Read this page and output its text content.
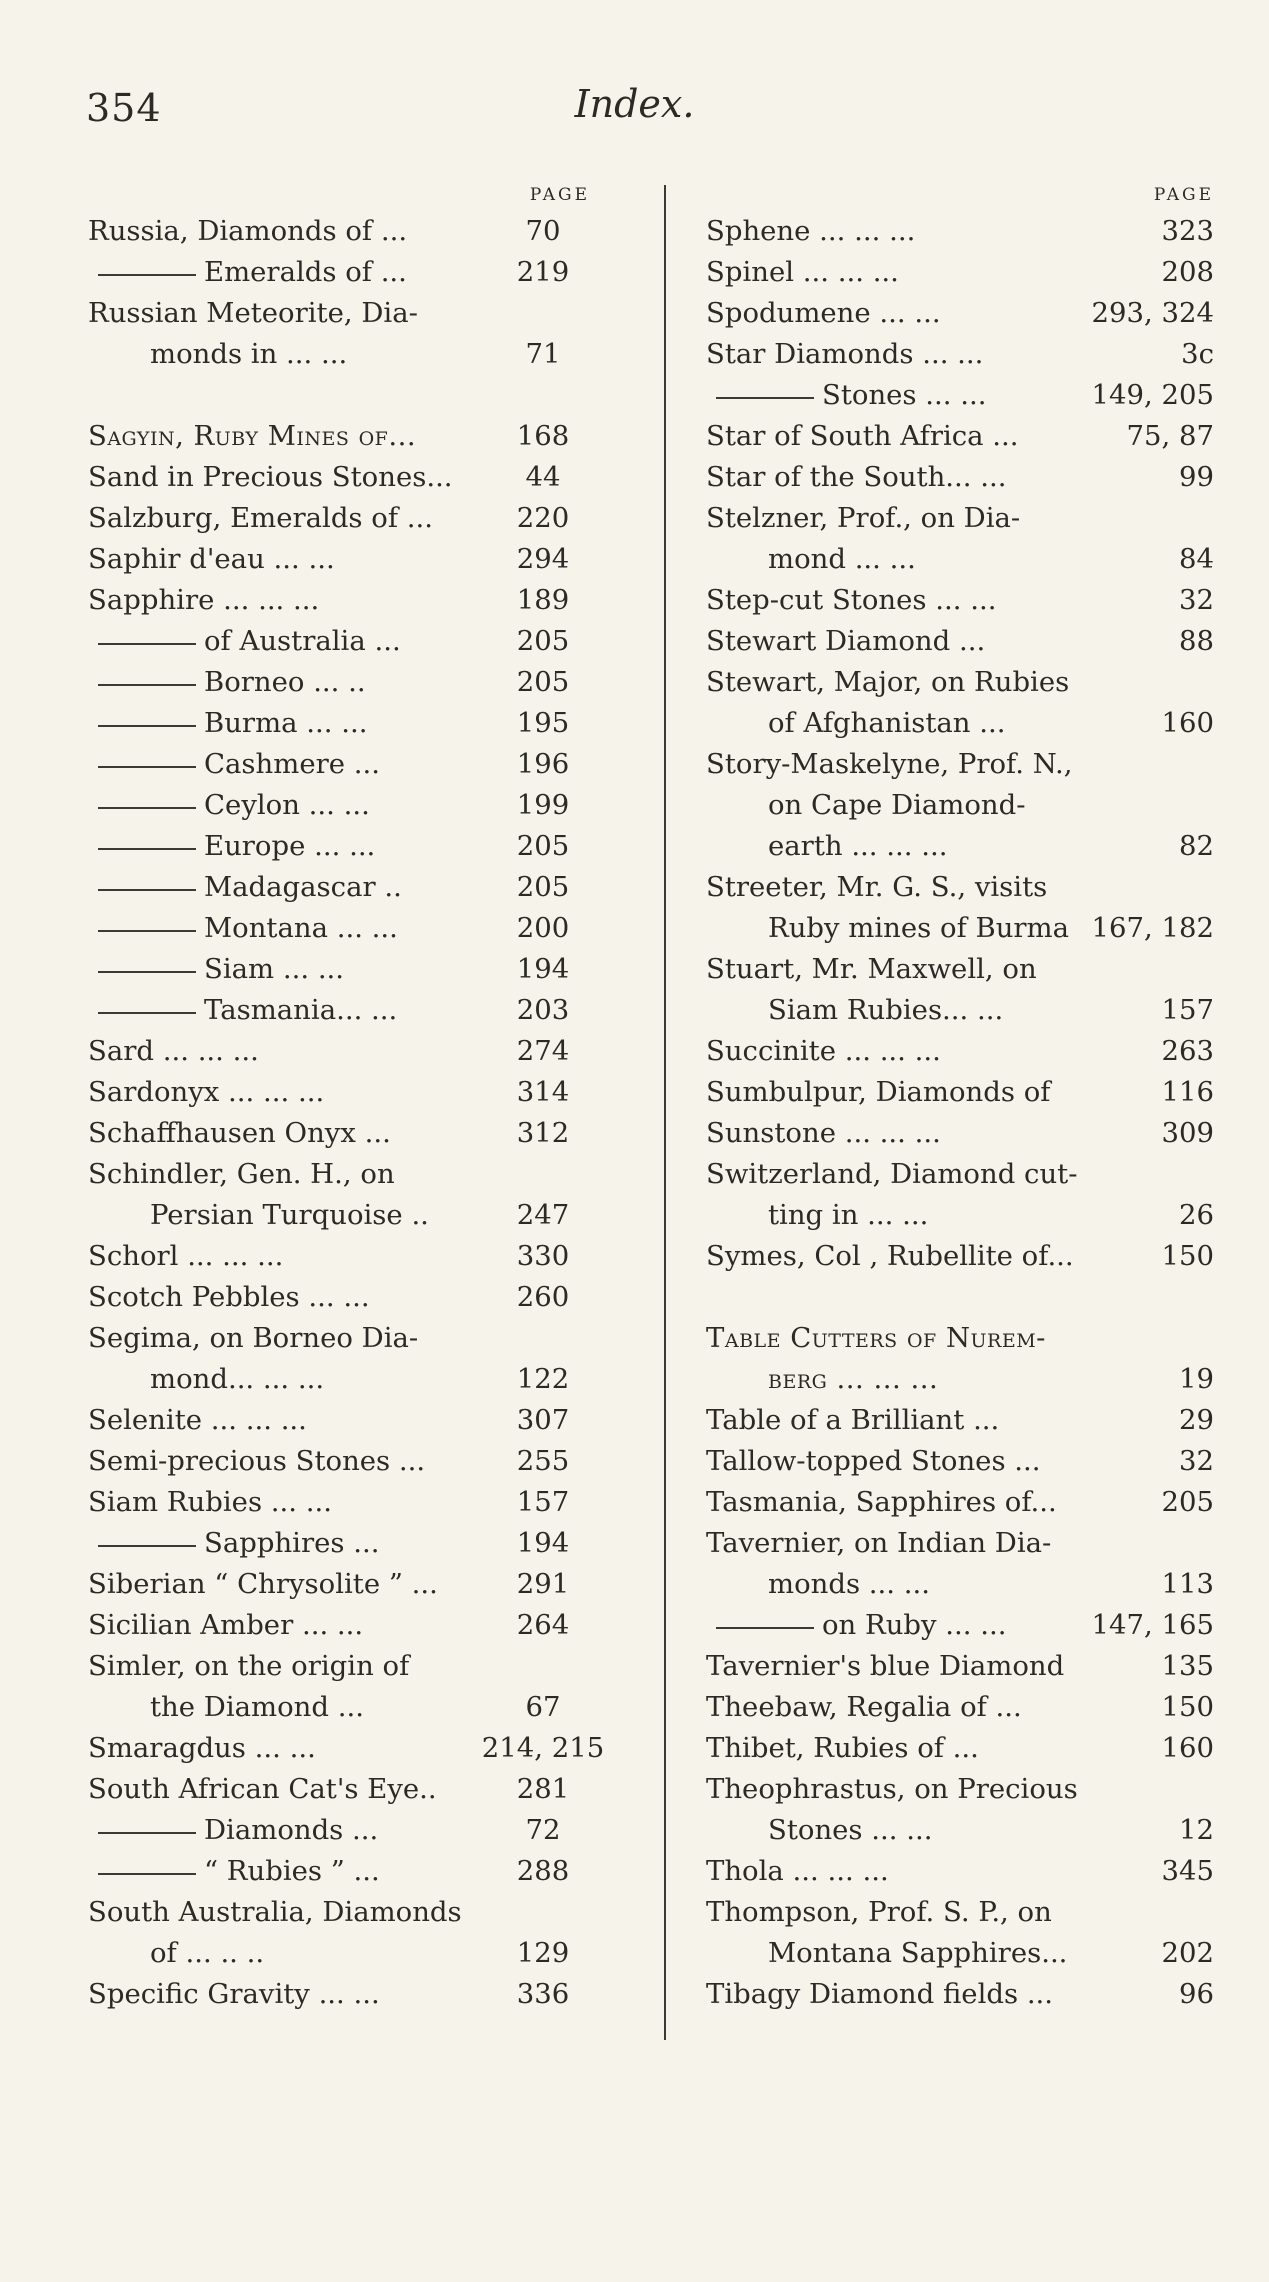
354	Index.
PAGE
Russia, Diamonds of ...	70
Emeralds of ...	219
Russian Meteorite, Dia-
monds in ... ...	71
Sagyin, Ruby Mines of...	168
Sand in Precious Stones...	44
Salzburg, Emeralds of ...	220
Saphir d'eau ... ...	294
Sapphire ... ... ...	189
of Australia ...	205
Borneo ... ..	205
Burma ... ...	195
Cashmere ...	196
Ceylon ... ...	199
Europe ... ...	205
Madagascar ..	205
Montana ... ...	200
Siam ... ...	194
Tasmania... ...	203
Sard ... ... ...	274
Sardonyx ... ... ...	314
Schaffhausen Onyx ...	312
Schindler, Gen. H., on
Persian Turquoise ..	247
Schorl ... ... ...	330
Scotch Pebbles ... ...	260
Segima, on Borneo Dia-
mond... ... ...	122
Selenite ... ... ...	307
Semi-precious Stones ...	255
Siam Rubies ... ...	157
Sapphires ...	194
Siberian “ Chrysolite ” ...	291
Sicilian Amber ... ...	264
Simler, on the origin of
the Diamond ...	67
Smaragdus ... ...	214, 215
South African Cat's Eye..	281
Diamonds ...	72
“ Rubies ” ...	288
South Australia, Diamonds
of ... .. ..	129
Specific Gravity ... ...	336
PAGE
Sphene ... ... ...	323
Spinel ... ... ...	208
Spodumene ... ...	293, 324
Star Diamonds ... ...	3c
Stones ... ...	149, 205
Star of South Africa ...	75, 87
Star of the South... ...	99
Stelzner, Prof., on Dia-
mond ... ...	84
Step-cut Stones ... ...	32
Stewart Diamond ...	88
Stewart, Major, on Rubies
of Afghanistan ...	160
Story-Maskelyne, Prof. N.,
on Cape Diamond-
earth ... ... ...	82
Streeter, Mr. G. S., visits
Ruby mines of Burma 167, 182
Stuart, Mr. Maxwell, on
Siam Rubies... ...	157
Succinite ... ... ...	263
Sumbulpur, Diamonds of	116
Sunstone ... ... ...	309
Switzerland, Diamond cut-
ting in ... ...	26
Symes, Col , Rubellite of...	150
Table Cutters of Nurem-
berg ... ... ...	19
Table of a Brilliant ...	29
Tallow-topped Stones ...	32
Tasmania, Sapphires of...	205
Tavernier, on Indian Dia-
monds ... ...	113
on Ruby ... ...	147, 165
Tavernier's blue Diamond	135
Theebaw, Regalia of ...	150
Thibet, Rubies of ...	160
Theophrastus, on Precious
Stones ... ...	12
Thola ... ... ...	345
Thompson, Prof. S. P., on
Montana Sapphires...	202
Tibagy Diamond fields ...	96
